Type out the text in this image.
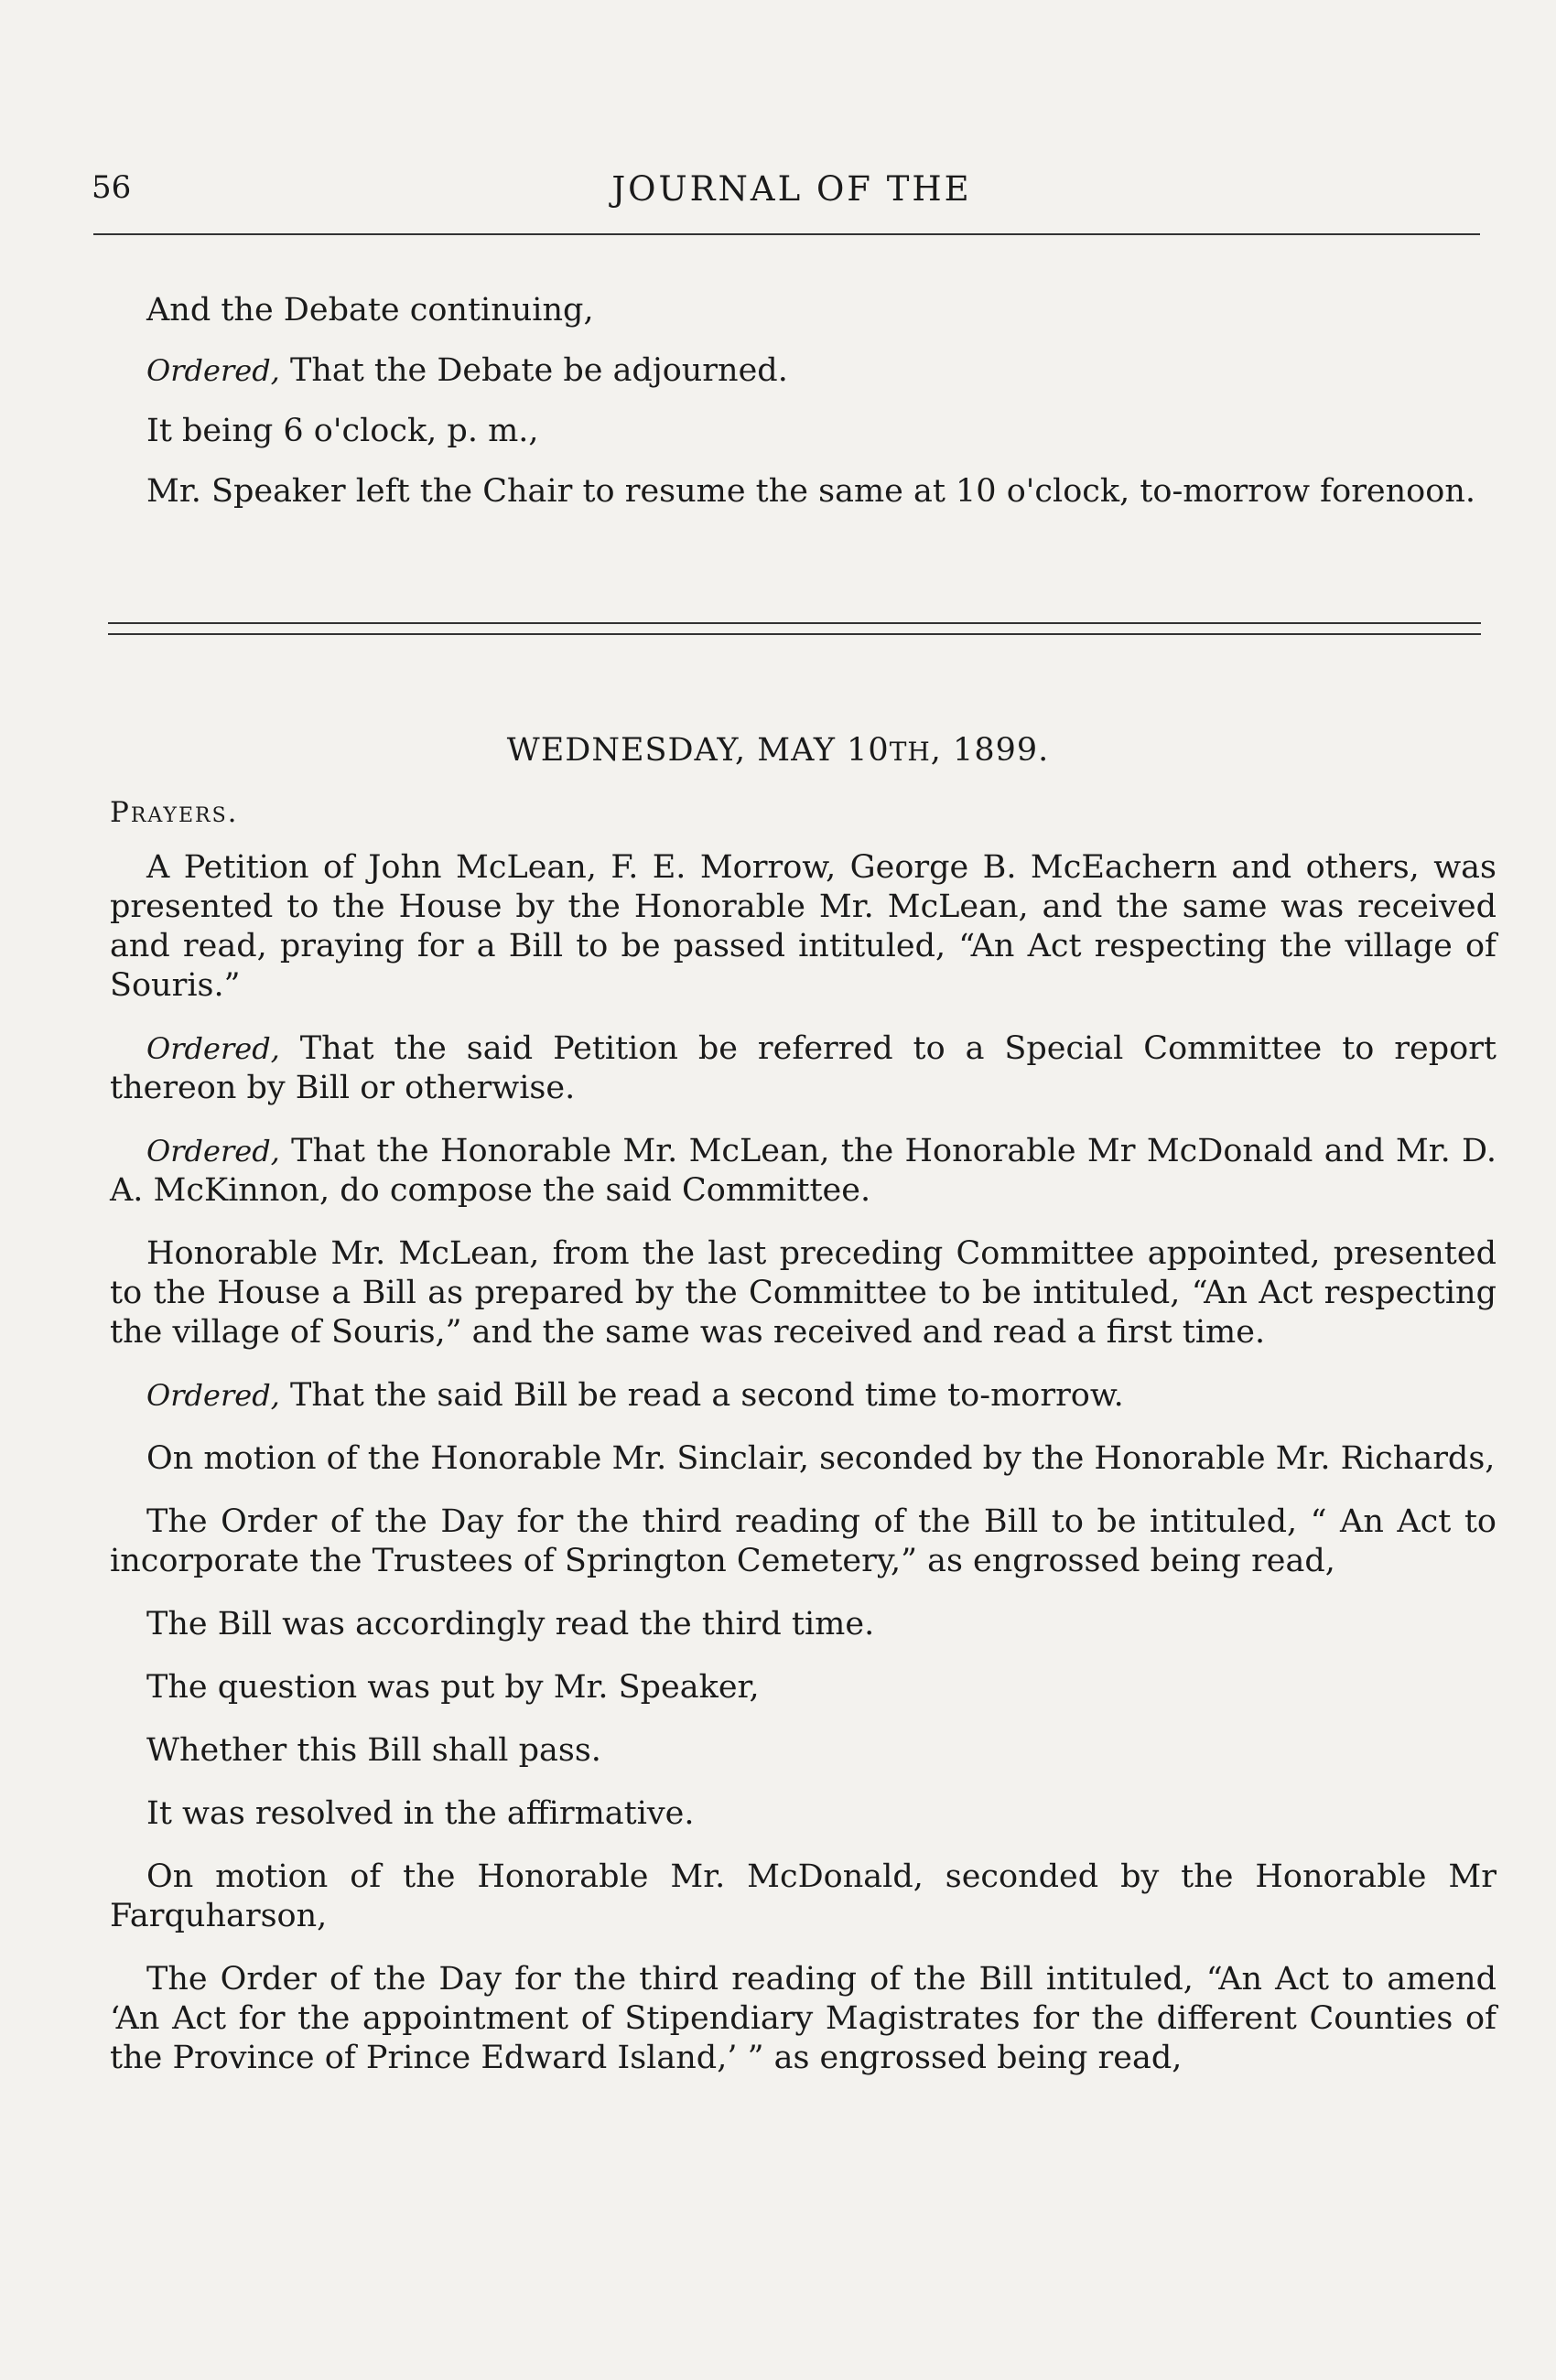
56	JOURNAL OF THE

And the Debate continuing,

Ordered, That the Debate be adjourned.

It being 6 o'clock, p. m.,

Mr. Speaker left the Chair to resume the same at 10 o'clock, to-morrow forenoon.

WEDNESDAY, MAY 10TH, 1899.
Prayers.

A Petition of John McLean, F. E. Morrow, George B. McEachern and others, was presented to the House by the Honorable Mr. McLean, and the same was received and read, praying for a Bill to be passed intituled, “An Act respecting the village of Souris.”

Ordered, That the said Petition be referred to a Special Committee to report thereon by Bill or otherwise.

Ordered, That the Honorable Mr. McLean, the Honorable Mr McDonald and Mr. D. A. McKinnon, do compose the said Committee.

Honorable Mr. McLean, from the last preceding Committee appointed, presented to the House a Bill as prepared by the Committee to be intituled, “An Act respecting the village of Souris,” and the same was received and read a first time.

Ordered, That the said Bill be read a second time to-morrow.

On motion of the Honorable Mr. Sinclair, seconded by the Honorable Mr. Richards,

The Order of the Day for the third reading of the Bill to be intituled, “ An Act to incorporate the Trustees of Springton Cemetery,” as engrossed being read,

The Bill was accordingly read the third time.

The question was put by Mr. Speaker,

Whether this Bill shall pass.

It was resolved in the affirmative.

On motion of the Honorable Mr. McDonald, seconded by the Honorable Mr Farquharson,

The Order of the Day for the third reading of the Bill intituled, “An Act to amend ‘An Act for the appointment of Stipendiary Magistrates for the different Counties of the Province of Prince Edward Island,’ ” as engrossed being read,
